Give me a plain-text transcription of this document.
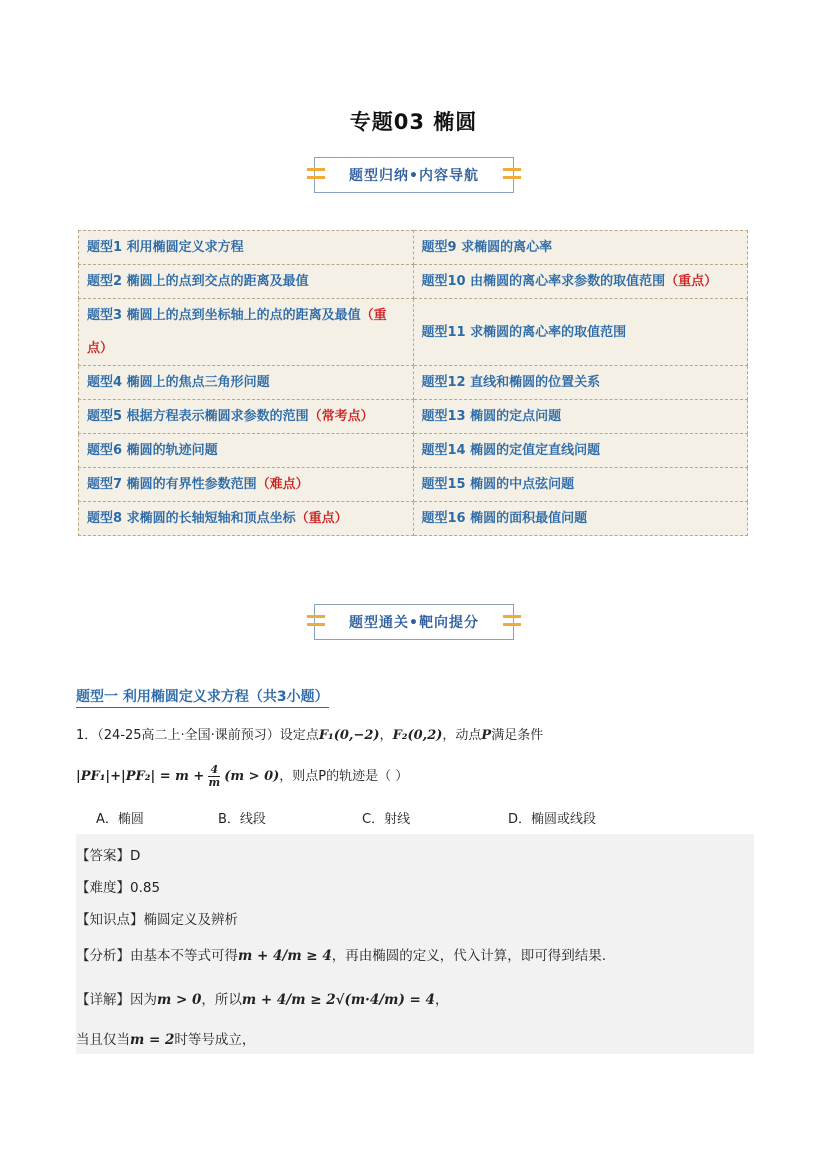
专题03 椭圆
题型归纳•内容导航
题型1 利用椭圆定义求方程	题型9 求椭圆的离心率
题型2 椭圆上的点到交点的距离及最值	题型10 由椭圆的离心率求参数的取值范围（重点）
题型3 椭圆上的点到坐标轴上的点的距离及最值（重点）	题型11 求椭圆的离心率的取值范围
题型4 椭圆上的焦点三角形问题	题型12 直线和椭圆的位置关系
题型5 根据方程表示椭圆求参数的范围（常考点）	题型13 椭圆的定点问题
题型6 椭圆的轨迹问题	题型14 椭圆的定值定直线问题
题型7 椭圆的有界性参数范围（难点）	题型15 椭圆的中点弦问题
题型8 求椭圆的长轴短轴和顶点坐标（重点）	题型16 椭圆的面积最值问题
题型通关•靶向提分
题型一 利用椭圆定义求方程（共3小题）
1．（24-25高二上·全国·课前预习）设定点F₁(0,−2)，F₂(0,2)，动点P满足条件
$|PF_1|+|PF_2| = m + \frac{4}{m} (m > 0)$，则点P的轨迹是（ ）
A．椭圆	B．线段	C．射线	D．椭圆或线段
【答案】D
【难度】0.85
【知识点】椭圆定义及辨析
【分析】由基本不等式可得m + 4/m ≥ 4，再由椭圆的定义，代入计算，即可得到结果.
【详解】因为m > 0，所以m + 4/m ≥ 2√(m·4/m) = 4，
当且仅当m = 2时等号成立，
